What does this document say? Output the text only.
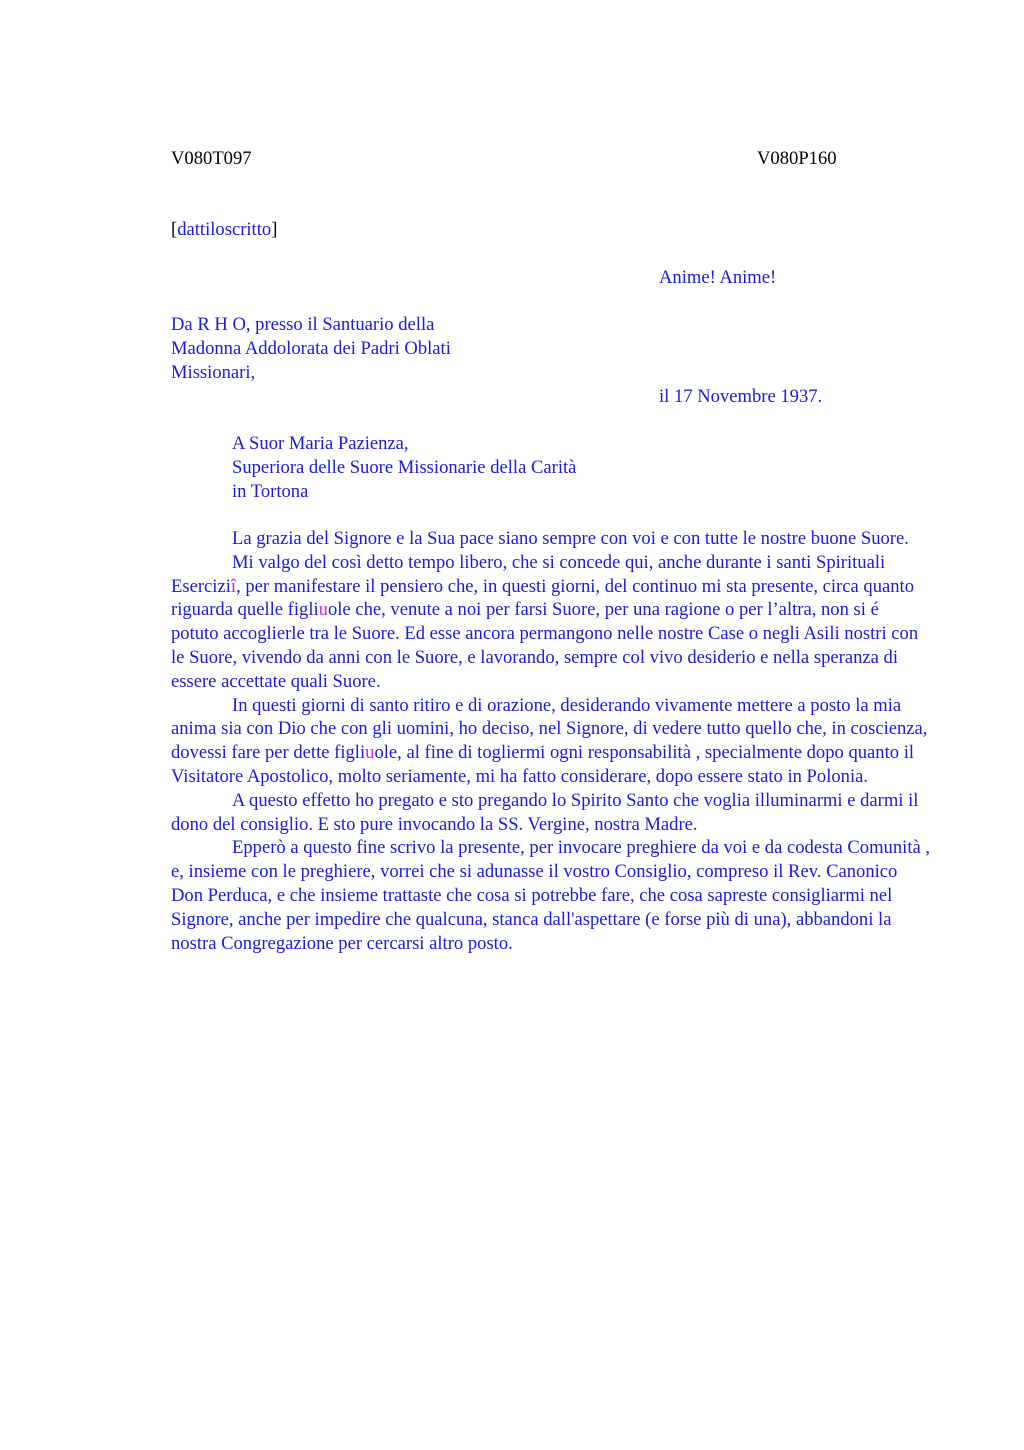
V080T097	V080P160
[dattiloscritto]
Anime! Anime!
Da R H O, presso il Santuario della
Madonna Addolorata dei Padri Oblati
Missionari,
il 17 Novembre 1937.
A Suor Maria Pazienza,
Superiora delle Suore Missionarie della Carità
in Tortona

La grazia del Signore e la Sua pace siano sempre con voi e con tutte le nostre buone Suore.

Mi valgo del così detto tempo libero, che si concede qui, anche durante i santi Spirituali Eserciziî, per manifestare il pensiero che, in questi giorni, del continuo mi sta presente, circa quanto riguarda quelle figliuole che, venute a noi per farsi Suore, per una ragione o per l’altra, non si é potuto accoglierle tra le Suore. Ed esse ancora permangono nelle nostre Case o negli Asili nostri con le Suore, vivendo da anni con le Suore, e lavorando, sempre col vivo desiderio e nella speranza di essere accettate quali Suore.

In questi giorni di santo ritiro e di orazione, desiderando vivamente mettere a posto la mia anima sia con Dio che con gli uomini, ho deciso, nel Signore, di vedere tutto quello che, in coscienza, dovessi fare per dette figliuole, al fine di togliermi ogni responsabilità , specialmente dopo quanto il Visitatore Apostolico, molto seriamente, mi ha fatto considerare, dopo essere stato in Polonia.

A questo effetto ho pregato e sto pregando lo Spirito Santo che voglia illuminarmi e darmi il dono del consiglio. E sto pure invocando la SS. Vergine, nostra Madre.

Epperò a questo fine scrivo la presente, per invocare preghiere da voi e da codesta Comunità , e, insieme con le preghiere, vorrei che si adunasse il vostro Consiglio, compreso il Rev. Canonico Don Perduca, e che insieme trattaste che cosa si potrebbe fare, che cosa sapreste consigliarmi nel Signore, anche per impedire che qualcuna, stanca dall'aspettare (e forse più di una), abbandoni la nostra Congregazione per cercarsi altro posto.
